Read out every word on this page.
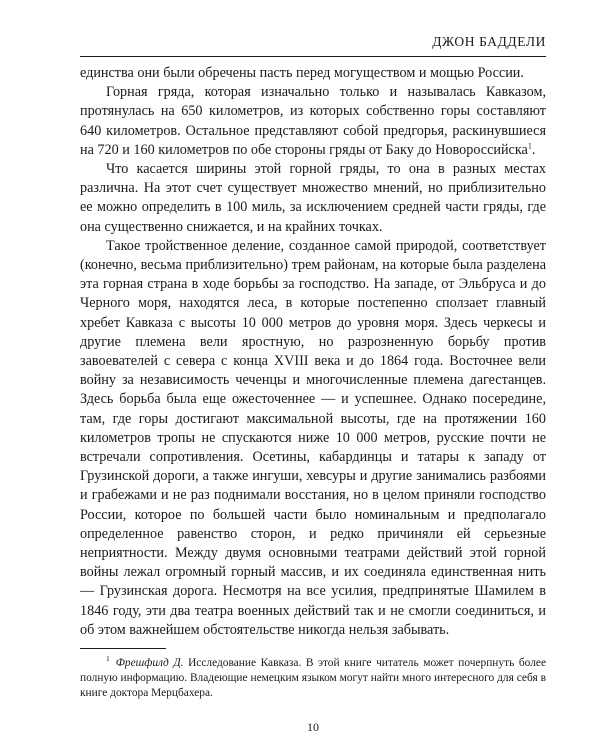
ДЖОН БАДДЕЛИ

единства они были обречены пасть перед могуществом и мощью России.

Горная гряда, которая изначально только и называлась Кавказом, протянулась на 650 километров, из которых собственно горы составляют 640 километров. Остальное представляют собой предгорья, раскинувшиеся на 720 и 160 километров по обе стороны гряды от Баку до Новороссийска$^1$.

Что касается ширины этой горной гряды, то она в разных местах различна. На этот счет существует множество мнений, но приблизительно ее можно определить в 100 миль, за исключением средней части гряды, где она существенно снижается, и на крайних точках.

Такое тройственное деление, созданное самой природой, соответствует (конечно, весьма приблизительно) трем районам, на которые была разделена эта горная страна в ходе борьбы за господство. На западе, от Эльбруса и до Черного моря, находятся леса, в которые постепенно сползает главный хребет Кавказа с высоты 10 000 метров до уровня моря. Здесь черкесы и другие племена вели яростную, но разрозненную борьбу против завоевателей с севера с конца XVIII века и до 1864 года. Восточнее вели войну за независимость чеченцы и многочисленные племена дагестанцев. Здесь борьба была еще ожесточеннее — и успешнее. Однако посередине, там, где горы достигают максимальной высоты, где на протяжении 160 километров тропы не спускаются ниже 10 000 метров, русские почти не встречали сопротивления. Осетины, кабардинцы и татары к западу от Грузинской дороги, а также ингуши, хевсуры и другие занимались разбоями и грабежами и не раз поднимали восстания, но в целом приняли господство России, которое по большей части было номинальным и предполагало определенное равенство сторон, и редко причиняли ей серьезные неприятности. Между двумя основными театрами действий этой горной войны лежал огромный горный массив, и их соединяла единственная нить — Грузинская дорога. Несмотря на все усилия, предпринятые Шамилем в 1846 году, эти два театра военных действий так и не смогли соединиться, и об этом важнейшем обстоятельстве никогда нельзя забывать.

$^1$ Фрешфилд Д. Исследование Кавказа. В этой книге читатель может почерпнуть более полную информацию. Владеющие немецким языком могут найти много интересного для себя в книге доктора Мерцбахера.

10
